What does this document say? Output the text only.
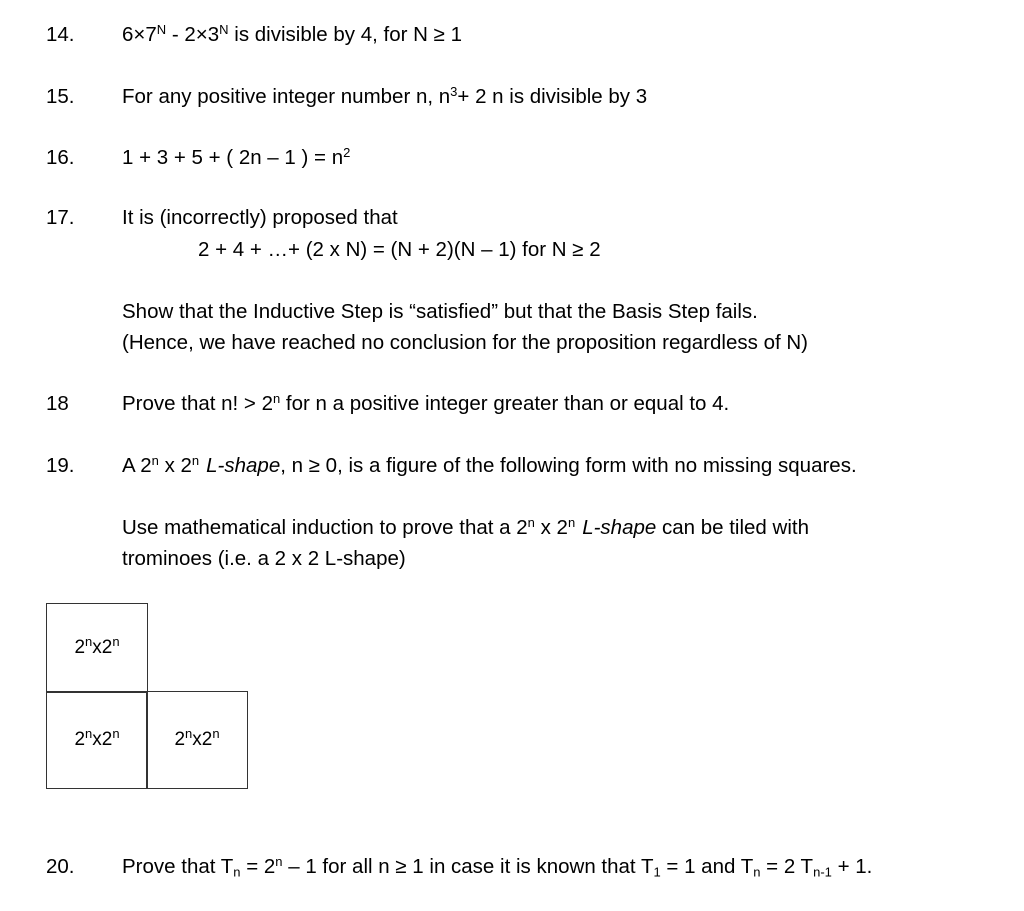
14. $6\times 7^N - 2\times 3^N$ is divisible by 4, for N ≥ 1
15. For any positive integer number n, $n^3+ 2$ n is divisible by 3
16. 1 + 3 + 5 + ( 2n – 1 ) = $n^2$
17. It is (incorrectly) proposed that
2 + 4 + …+ (2 x N) = (N + 2)(N – 1) for N ≥ 2
Show that the Inductive Step is “satisfied” but that the Basis Step fails.
(Hence, we have reached no conclusion for the proposition regardless of N)
18	Prove that n! > $2^n$ for n a positive integer greater than or equal to 4.
19. A 2$^n$ x 2$^n$ L-shape, n ≥ 0, is a figure of the following form with no missing squares.
Use mathematical induction to prove that a 2$^n$ x 2$^n$ L-shape can be tiled with
trominoes (i.e. a 2 x 2 L-shape)
2$^n$x2$^n$
2$^n$x2$^n$	2$^n$x2$^n$
20. Prove that $T_n = 2^n - 1$ for all n ≥ 1 in case it is known that $T_1 = 1$ and $T_n = 2$ $T_{n-1} + 1$.
